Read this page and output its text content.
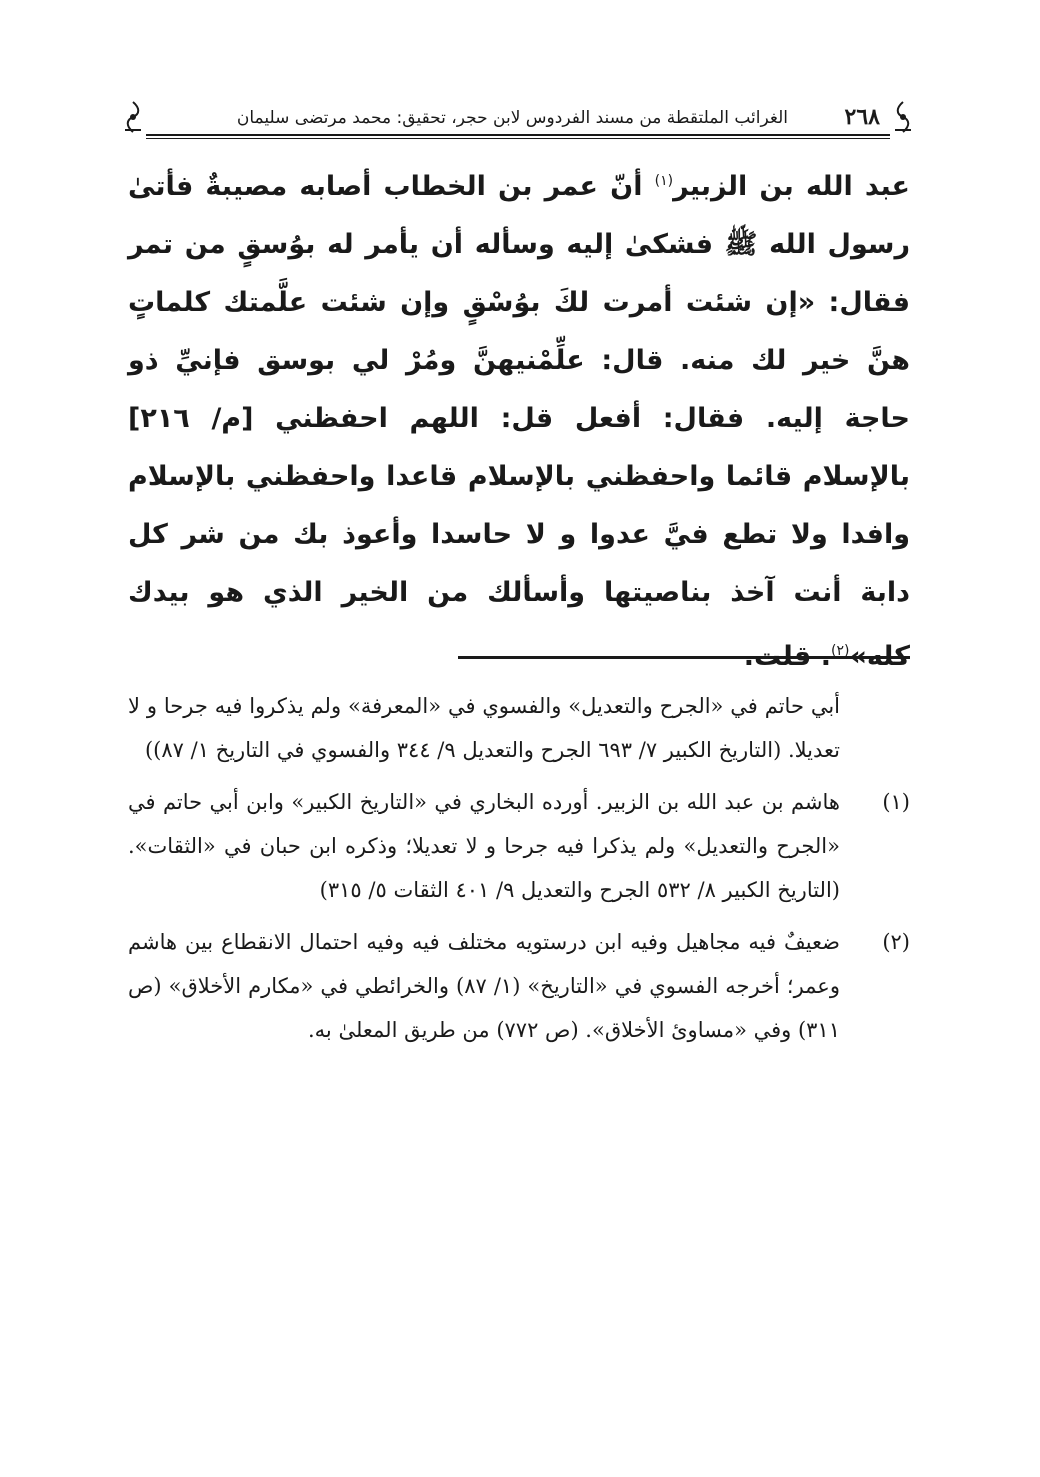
٢٦٨
الغرائب الملتقطة من مسند الفردوس لابن حجر، تحقيق: محمد مرتضى سليمان

عبد الله بن الزبير$^{(١)}$ أنّ عمر بن الخطاب أصابه مصيبةٌ فأتىٰ رسول الله ﷺ فشكىٰ إليه وسأله أن يأمر له بوُسقٍ من تمر فقال: «إن شئت أمرت لكَ بوُسْقٍ وإن شئت علَّمتك كلماتٍ هنَّ خير لك منه. قال: علِّمْنيهنَّ ومُرْ لي بوسق فإنيِّ ذو حاجة إليه. فقال: أفعل قل: اللهم احفظني [م/ ٢١٦] بالإسلام قائما واحفظني بالإسلام قاعدا واحفظني بالإسلام وافدا ولا تطع فيَّ عدوا و لا حاسدا وأعوذ بك من شر كل دابة أنت آخذ بناصيتها وأسألك من الخير الذي هو بيدك كله»$^{(٢)}$. قلت.

أبي حاتم في «الجرح والتعديل» والفسوي في «المعرفة» ولم يذكروا فيه جرحا و لا تعديلا. (التاريخ الكبير ٧/ ٦٩٣ الجرح والتعديل ٩/ ٣٤٤ والفسوي في التاريخ ١/ ٨٧))
(١)
هاشم بن عبد الله بن الزبير. أورده البخاري في «التاريخ الكبير» وابن أبي حاتم في «الجرح والتعديل» ولم يذكرا فيه جرحا و لا تعديلا؛ وذكره ابن حبان في «الثقات». (التاريخ الكبير ٨/ ٥٣٢ الجرح والتعديل ٩/ ٤٠١ الثقات ٥/ ٣١٥)
(٢)
ضعيفٌ فيه مجاهيل وفيه ابن درستويه مختلف فيه وفيه احتمال الانقطاع بين هاشم وعمر؛ أخرجه الفسوي في «التاريخ» (١/ ٨٧) والخرائطي في «مكارم الأخلاق» (ص ٣١١) وفي «مساوئ الأخلاق». (ص ٧٧٢) من طريق المعلىٰ به.
